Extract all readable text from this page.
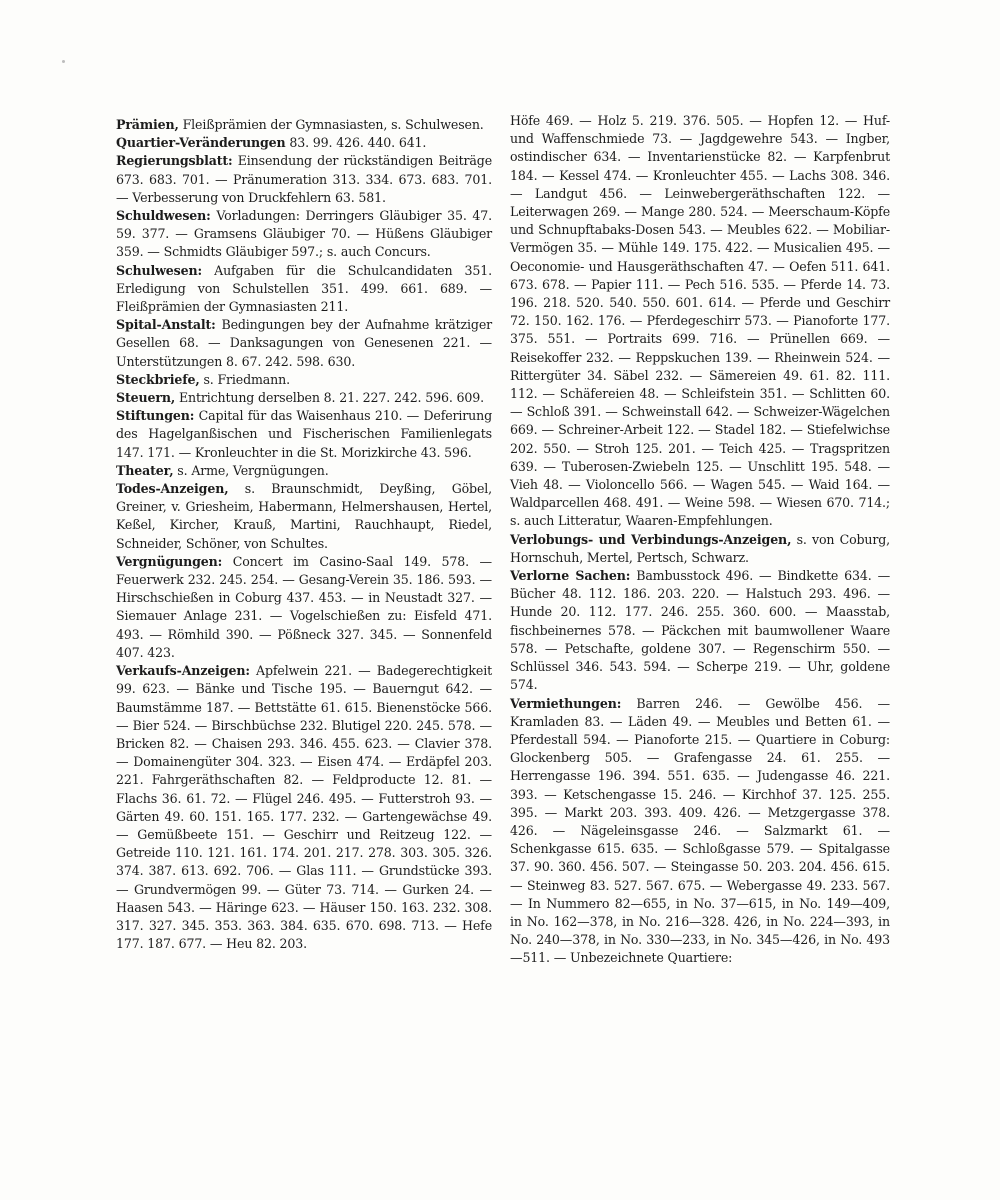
Prämien, Fleißprämien der Gymnasiasten, s. Schulwesen.

Quartier-Veränderungen 83. 99. 426. 440. 641.

Regierungsblatt: Einsendung der rückständigen Beiträge 673. 683. 701. — Pränumeration 313. 334. 673. 683. 701. — Verbesserung von Druckfehlern 63. 581.

Schuldwesen: Vorladungen: Derringers Gläubiger 35. 47. 59. 377. — Gramsens Gläubiger 70. — Hüßens Gläubiger 359. — Schmidts Gläubiger 597.; s. auch Concurs.

Schulwesen: Aufgaben für die Schulcandidaten 351. Erledigung von Schulstellen 351. 499. 661. 689. — Fleißprämien der Gymnasiasten 211.

Spital-Anstalt: Bedingungen bey der Aufnahme krätziger Gesellen 68. — Danksagungen von Genesenen 221. — Unterstützungen 8. 67. 242. 598. 630.

Steckbriefe, s. Friedmann.

Steuern, Entrichtung derselben 8. 21. 227. 242. 596. 609.

Stiftungen: Capital für das Waisenhaus 210. — Deferirung des Hagelganßischen und Fischerischen Familienlegats 147. 171. — Kronleuchter in die St. Morizkirche 43. 596.

Theater, s. Arme, Vergnügungen.

Todes-Anzeigen, s. Braunschmidt, Deyßing, Göbel, Greiner, v. Griesheim, Habermann, Helmershausen, Hertel, Keßel, Kircher, Krauß, Martini, Rauchhaupt, Riedel, Schneider, Schöner, von Schultes.

Vergnügungen: Concert im Casino-Saal 149. 578. — Feuerwerk 232. 245. 254. — Gesang-Verein 35. 186. 593. — Hirschschießen in Coburg 437. 453. — in Neustadt 327. — Siemauer Anlage 231. — Vogelschießen zu: Eisfeld 471. 493. — Römhild 390. — Pößneck 327. 345. — Sonnenfeld 407. 423.

Verkaufs-Anzeigen: Apfelwein 221. — Badegerechtigkeit 99. 623. — Bänke und Tische 195. — Bauerngut 642. — Baumstämme 187. — Bettstätte 61. 615. Bienenstöcke 566. — Bier 524. — Birschbüchse 232. Blutigel 220. 245. 578. — Bricken 82. — Chaisen 293. 346. 455. 623. — Clavier 378. — Domainengüter 304. 323. — Eisen 474. — Erdäpfel 203. 221. Fahrgeräthschaften 82. — Feldproducte 12. 81. — Flachs 36. 61. 72. — Flügel 246. 495. — Futterstroh 93. — Gärten 49. 60. 151. 165. 177. 232. — Gartengewächse 49. — Gemüßbeete 151. — Geschirr und Reitzeug 122. — Getreide 110. 121. 161. 174. 201. 217. 278. 303. 305. 326. 374. 387. 613. 692. 706. — Glas 111. — Grundstücke 393. — Grundvermögen 99. — Güter 73. 714. — Gurken 24. — Haasen 543. — Häringe 623. — Häuser 150. 163. 232. 308. 317. 327. 345. 353. 363. 384. 635. 670. 698. 713. — Hefe 177. 187. 677. — Heu 82. 203.

Höfe 469. — Holz 5. 219. 376. 505. — Hopfen 12. — Huf- und Waffenschmiede 73. — Jagdgewehre 543. — Ingber, ostindischer 634. — Inventarienstücke 82. — Karpfenbrut 184. — Kessel 474. — Kronleuchter 455. — Lachs 308. 346. — Landgut 456. — Leinwebergeräthschaften 122. — Leiterwagen 269. — Mange 280. 524. — Meerschaum-Köpfe und Schnupftabaks-Dosen 543. — Meubles 622. — Mobiliar-Vermögen 35. — Mühle 149. 175. 422. — Musicalien 495. — Oeconomie- und Hausgeräthschaften 47. — Oefen 511. 641. 673. 678. — Papier 111. — Pech 516. 535. — Pferde 14. 73. 196. 218. 520. 540. 550. 601. 614. — Pferde und Geschirr 72. 150. 162. 176. — Pferdegeschirr 573. — Pianoforte 177. 375. 551. — Portraits 699. 716. — Prünellen 669. — Reisekoffer 232. — Reppskuchen 139. — Rheinwein 524. — Rittergüter 34. Säbel 232. — Sämereien 49. 61. 82. 111. 112. — Schäfereien 48. — Schleifstein 351. — Schlitten 60. — Schloß 391. — Schweinstall 642. — Schweizer-Wägelchen 669. — Schreiner-Arbeit 122. — Stadel 182. — Stiefelwichse 202. 550. — Stroh 125. 201. — Teich 425. — Tragspritzen 639. — Tuberosen-Zwiebeln 125. — Unschlitt 195. 548. — Vieh 48. — Violoncello 566. — Wagen 545. — Waid 164. — Waldparcellen 468. 491. — Weine 598. — Wiesen 670. 714.; s. auch Litteratur, Waaren-Empfehlungen.

Verlobungs- und Verbindungs-Anzeigen, s. von Coburg, Hornschuh, Mertel, Pertsch, Schwarz.

Verlorne Sachen: Bambusstock 496. — Bindkette 634. — Bücher 48. 112. 186. 203. 220. — Halstuch 293. 496. — Hunde 20. 112. 177. 246. 255. 360. 600. — Maasstab, fischbeinernes 578. — Päckchen mit baumwollener Waare 578. — Petschafte, goldene 307. — Regenschirm 550. — Schlüssel 346. 543. 594. — Scherpe 219. — Uhr, goldene 574.

Vermiethungen: Barren 246. — Gewölbe 456. — Kramladen 83. — Läden 49. — Meubles und Betten 61. — Pferdestall 594. — Pianoforte 215. — Quartiere in Coburg: Glockenberg 505. — Grafengasse 24. 61. 255. — Herrengasse 196. 394. 551. 635. — Judengasse 46. 221. 393. — Ketschengasse 15. 246. — Kirchhof 37. 125. 255. 395. — Markt 203. 393. 409. 426. — Metzgergasse 378. 426. — Nägeleinsgasse 246. — Salzmarkt 61. — Schenkgasse 615. 635. — Schloßgasse 579. — Spitalgasse 37. 90. 360. 456. 507. — Steingasse 50. 203. 204. 456. 615. — Steinweg 83. 527. 567. 675. — Webergasse 49. 233. 567. — In Nummero 82—655, in No. 37—615, in No. 149—409, in No. 162—378, in No. 216—328. 426, in No. 224—393, in No. 240—378, in No. 330—233, in No. 345—426, in No. 493—511. — Unbezeichnete Quartiere:
